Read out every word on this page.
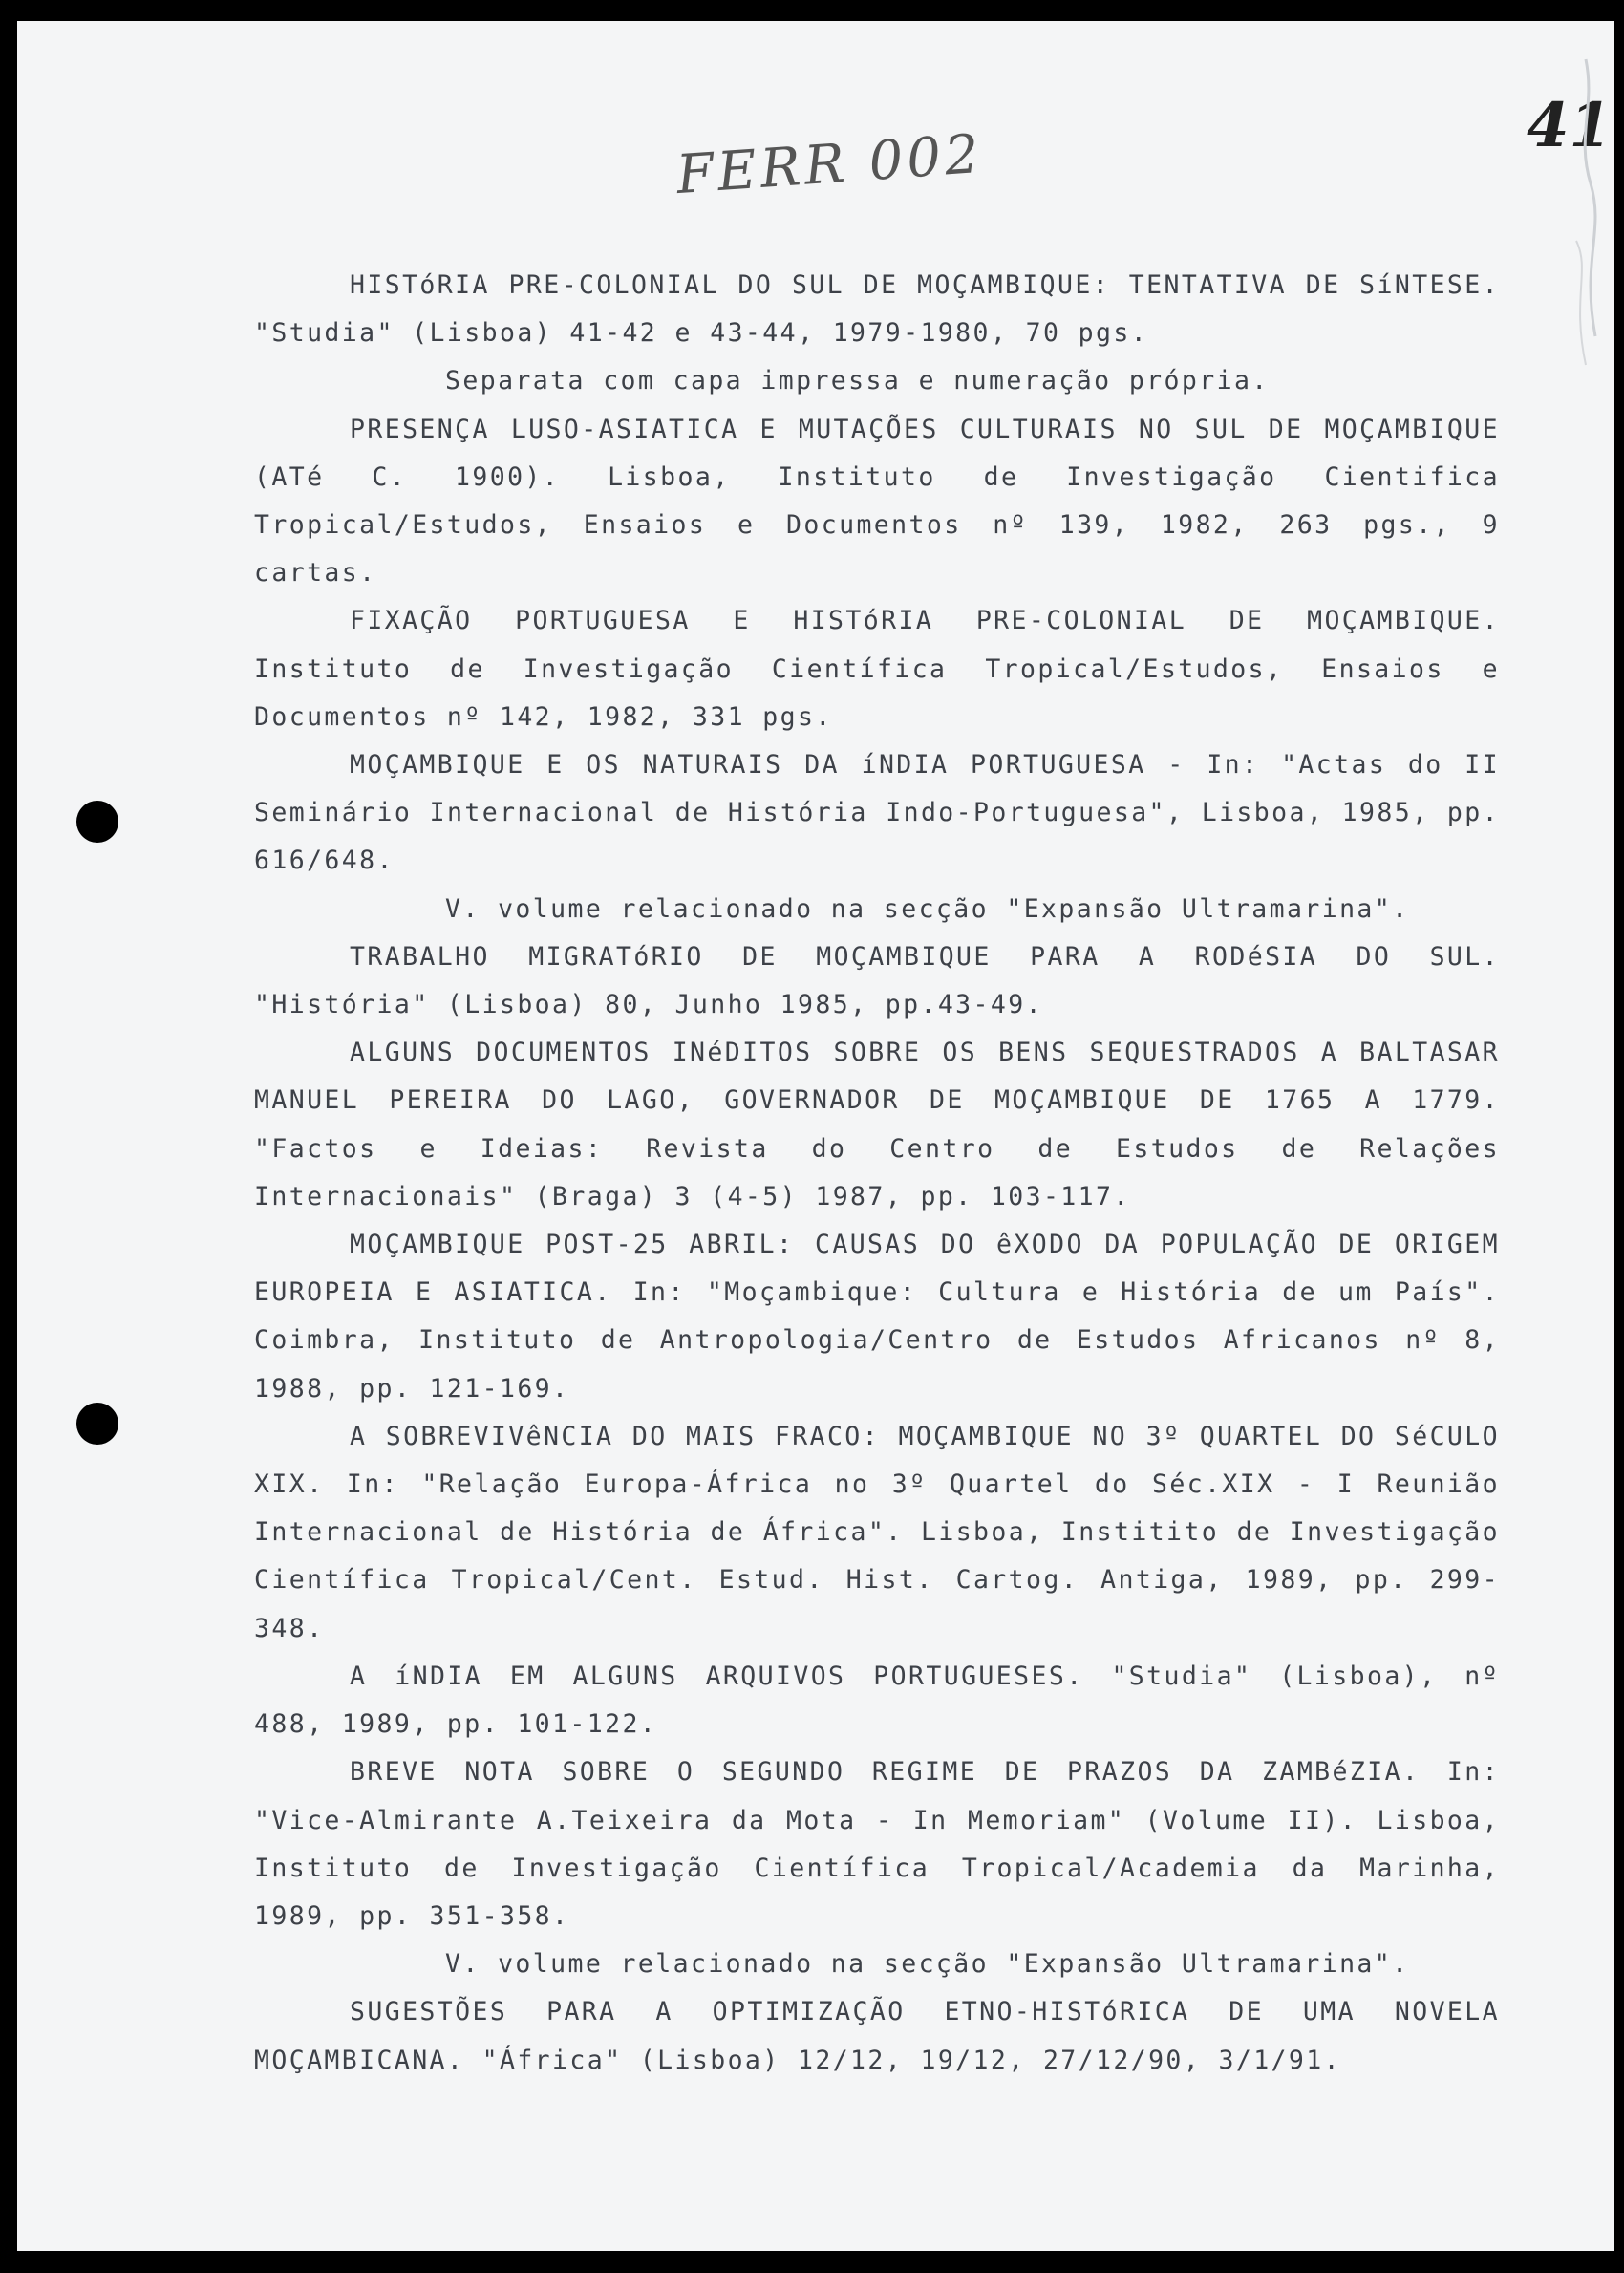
FERR 002	41

HISTóRIA PRE-COLONIAL DO SUL DE MOÇAMBIQUE: TENTATIVA DE SíNTESE. "Studia" (Lisboa) 41-42 e 43-44, 1979-1980, 70 pgs.

Separata com capa impressa e numeração própria.

PRESENÇA LUSO-ASIATICA E MUTAÇÕES CULTURAIS NO SUL DE MOÇAMBIQUE (ATé C. 1900). Lisboa, Instituto de Investigação Cientifica Tropical/Estudos, Ensaios e Documentos nº 139, 1982, 263 pgs., 9 cartas.

FIXAÇÃO PORTUGUESA E HISTóRIA PRE-COLONIAL DE MOÇAMBIQUE. Instituto de Investigação Científica Tropical/Estudos, Ensaios e Documentos nº 142, 1982, 331 pgs.

MOÇAMBIQUE E OS NATURAIS DA íNDIA PORTUGUESA - In: "Actas do II Seminário Internacional de História Indo-Portuguesa", Lisboa, 1985, pp. 616/648.

V. volume relacionado na secção "Expansão Ultramarina".

TRABALHO MIGRATóRIO DE MOÇAMBIQUE PARA A RODéSIA DO SUL. "História" (Lisboa) 80, Junho 1985, pp.43-49.

ALGUNS DOCUMENTOS INéDITOS SOBRE OS BENS SEQUESTRADOS A BALTASAR MANUEL PEREIRA DO LAGO, GOVERNADOR DE MOÇAMBIQUE DE 1765 A 1779. "Factos e Ideias: Revista do Centro de Estudos de Relações Internacionais" (Braga) 3 (4-5) 1987, pp. 103-117.

MOÇAMBIQUE POST-25 ABRIL: CAUSAS DO êXODO DA POPULAÇÃO DE ORIGEM EUROPEIA E ASIATICA. In: "Moçambique: Cultura e História de um País". Coimbra, Instituto de Antropologia/Centro de Estudos Africanos nº 8, 1988, pp. 121-169.

A SOBREVIVêNCIA DO MAIS FRACO: MOÇAMBIQUE NO 3º QUARTEL DO SéCULO XIX. In: "Relação Europa-África no 3º Quartel do Séc.XIX - I Reunião Internacional de História de África". Lisboa, Institito de Investigação Científica Tropical/Cent. Estud. Hist. Cartog. Antiga, 1989, pp. 299-348.

A íNDIA EM ALGUNS ARQUIVOS PORTUGUESES. "Studia" (Lisboa), nº 488, 1989, pp. 101-122.

BREVE NOTA SOBRE O SEGUNDO REGIME DE PRAZOS DA ZAMBéZIA. In: "Vice-Almirante A.Teixeira da Mota - In Memoriam" (Volume II). Lisboa, Instituto de Investigação Científica Tropical/Academia da Marinha, 1989, pp. 351-358.

V. volume relacionado na secção "Expansão Ultramarina".

SUGESTÕES PARA A OPTIMIZAÇÃO ETNO-HISTóRICA DE UMA NOVELA MOÇAMBICANA. "África" (Lisboa) 12/12, 19/12, 27/12/90, 3/1/91.
